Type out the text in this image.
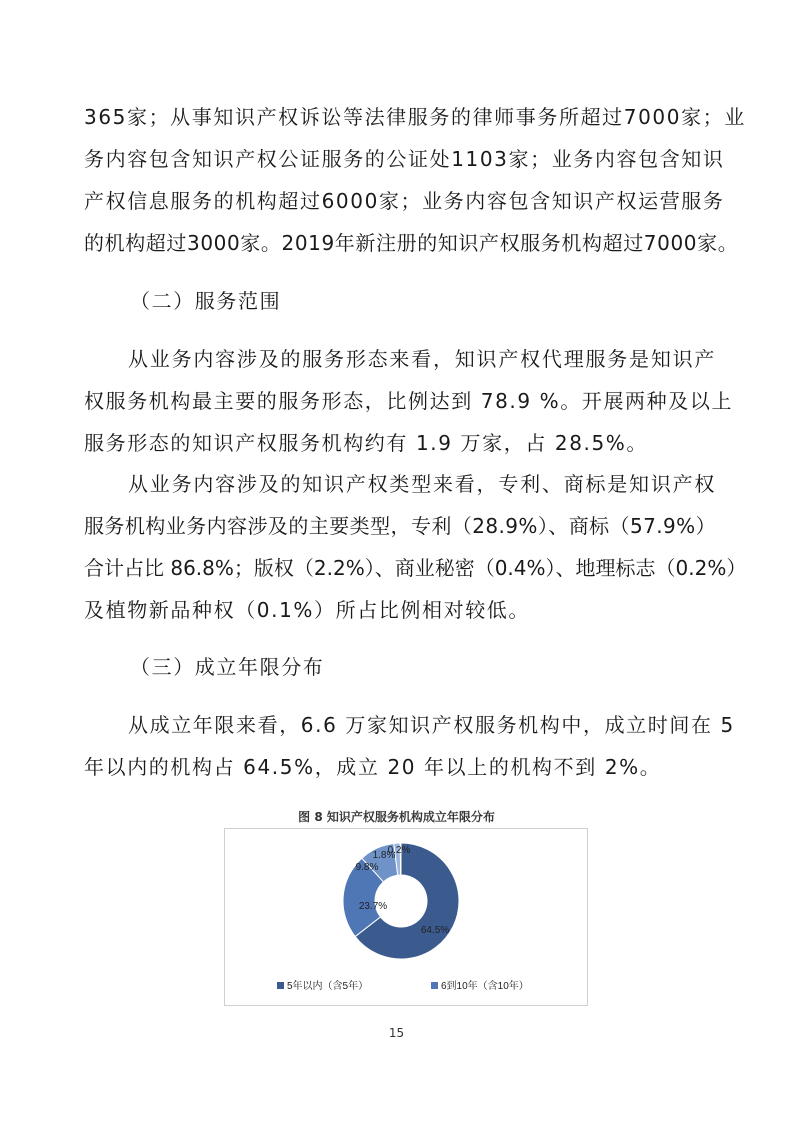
365家；从事知识产权诉讼等法律服务的律师事务所超过7000家；业
务内容包含知识产权公证服务的公证处1103家；业务内容包含知识
产权信息服务的机构超过6000家；业务内容包含知识产权运营服务
的机构超过3000家。2019年新注册的知识产权服务机构超过7000家。
（二）服务范围
从业务内容涉及的服务形态来看，知识产权代理服务是知识产
权服务机构最主要的服务形态，比例达到 78.9 %。开展两种及以上
服务形态的知识产权服务机构约有 1.9 万家，占 28.5%。
从业务内容涉及的知识产权类型来看，专利、商标是知识产权
服务机构业务内容涉及的主要类型，专利（28.9%）、商标（57.9%）
合计占比 86.8%；版权（2.2%）、商业秘密（0.4%）、地理标志（0.2%）
及植物新品种权（0.1%）所占比例相对较低。
（三）成立年限分布
从成立年限来看，6.6 万家知识产权服务机构中，成立时间在 5
年以内的机构占 64.5%，成立 20 年以上的机构不到 2%。
图 8 知识产权服务机构成立年限分布
64.5%
23.7%
9.8%
1.8%
0.2%
5年以内（含5年）	6到10年（含10年）
15
